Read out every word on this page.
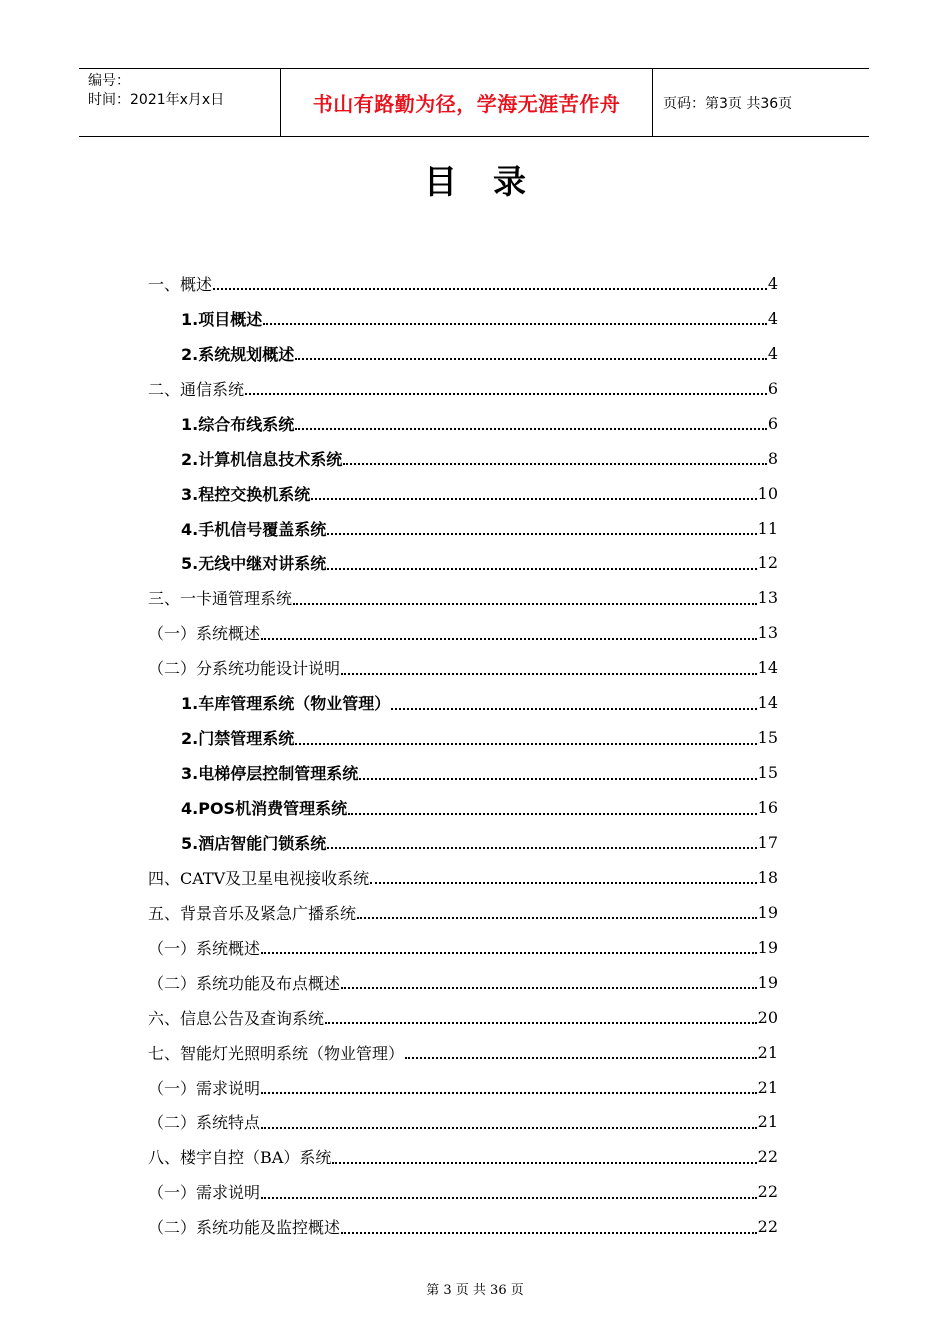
编号：
时间：2021年x月x日	书山有路勤为径，学海无涯苦作舟	页码：第3页 共36页
目录
一、概述	4
1.项目概述	4
2.系统规划概述	4
二、通信系统	6
1.综合布线系统	6
2.计算机信息技术系统	8
3.程控交换机系统	10
4.手机信号覆盖系统	11
5.无线中继对讲系统	12
三、一卡通管理系统	13
（一）系统概述	13
（二）分系统功能设计说明	14
1.车库管理系统（物业管理）	14
2.门禁管理系统	15
3.电梯停层控制管理系统	15
4.POS机消费管理系统	16
5.酒店智能门锁系统	17
四、CATV及卫星电视接收系统	18
五、背景音乐及紧急广播系统	19
（一）系统概述	19
（二）系统功能及布点概述	19
六、信息公告及查询系统	20
七、智能灯光照明系统（物业管理）	21
（一）需求说明	21
（二）系统特点	21
八、楼宇自控（BA）系统	22
（一）需求说明	22
（二）系统功能及监控概述	22
第 3 页 共 36 页
